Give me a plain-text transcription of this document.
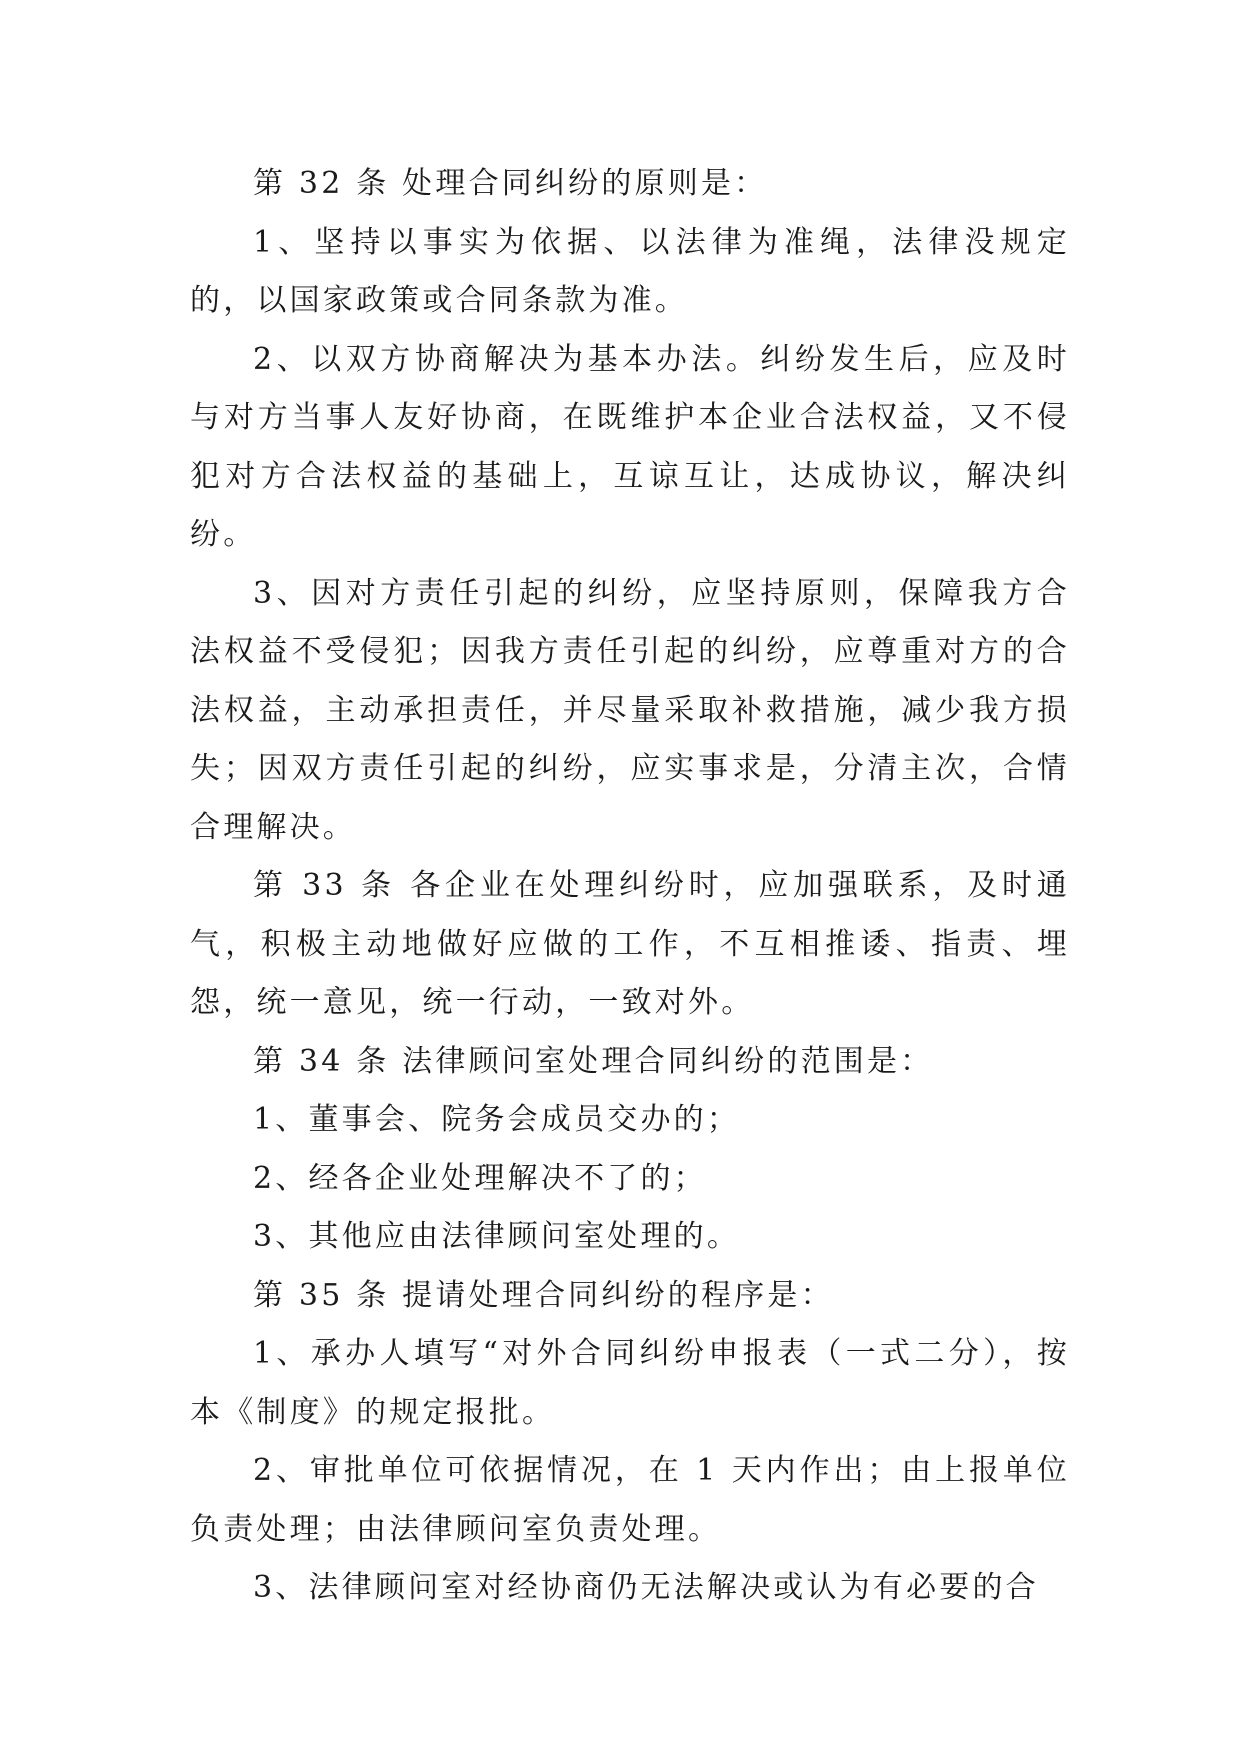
第 32 条 处理合同纠纷的原则是：

1、坚持以事实为依据、以法律为准绳，法律没规定的，以国家政策或合同条款为准。

2、以双方协商解决为基本办法。纠纷发生后，应及时与对方当事人友好协商，在既维护本企业合法权益，又不侵犯对方合法权益的基础上，互谅互让，达成协议，解决纠纷。

3、因对方责任引起的纠纷，应坚持原则，保障我方合法权益不受侵犯；因我方责任引起的纠纷，应尊重对方的合法权益，主动承担责任，并尽量采取补救措施，减少我方损失；因双方责任引起的纠纷，应实事求是，分清主次，合情合理解决。

第 33 条 各企业在处理纠纷时，应加强联系，及时通气，积极主动地做好应做的工作，不互相推诿、指责、埋怨，统一意见，统一行动，一致对外。

第 34 条 法律顾问室处理合同纠纷的范围是：

1、董事会、院务会成员交办的；

2、经各企业处理解决不了的；

3、其他应由法律顾问室处理的。

第 35 条 提请处理合同纠纷的程序是：

1、承办人填写“对外合同纠纷申报表（一式二分），按本《制度》的规定报批。

2、审批单位可依据情况，在 1 天内作出；由上报单位负责处理；由法律顾问室负责处理。

3、法律顾问室对经协商仍无法解决或认为有必要的合
